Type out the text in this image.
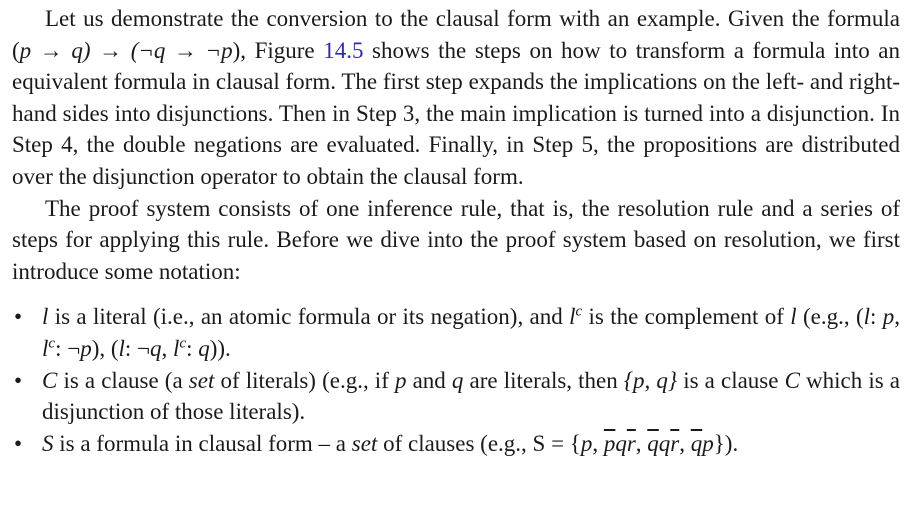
Let us demonstrate the conversion to the clausal form with an example. Given the formula (p → q) → (¬q → ¬p), Figure 14.5 shows the steps on how to transform a formula into an equivalent formula in clausal form. The first step expands the implications on the left- and right-hand sides into disjunctions. Then in Step 3, the main implication is turned into a disjunction. In Step 4, the double negations are evaluated. Finally, in Step 5, the propositions are distributed over the disjunction operator to obtain the clausal form.

The proof system consists of one inference rule, that is, the resolution rule and a series of steps for applying this rule. Before we dive into the proof system based on resolution, we first introduce some notation:

• l is a literal (i.e., an atomic formula or its negation), and $l^c$ is the complement of l (e.g., (l: p, $l^c$: ¬p), (l: ¬q, $l^c$: q)).
• C is a clause (a set of literals) (e.g., if p and q are literals, then {p, q} is a clause C which is a disjunction of those literals).
• S is a formula in clausal form – a set of clauses (e.g., S = {p, $\overline{p}q\overline{r}$, $\overline{q}q\overline{r}$, $\overline{q}p$}).
